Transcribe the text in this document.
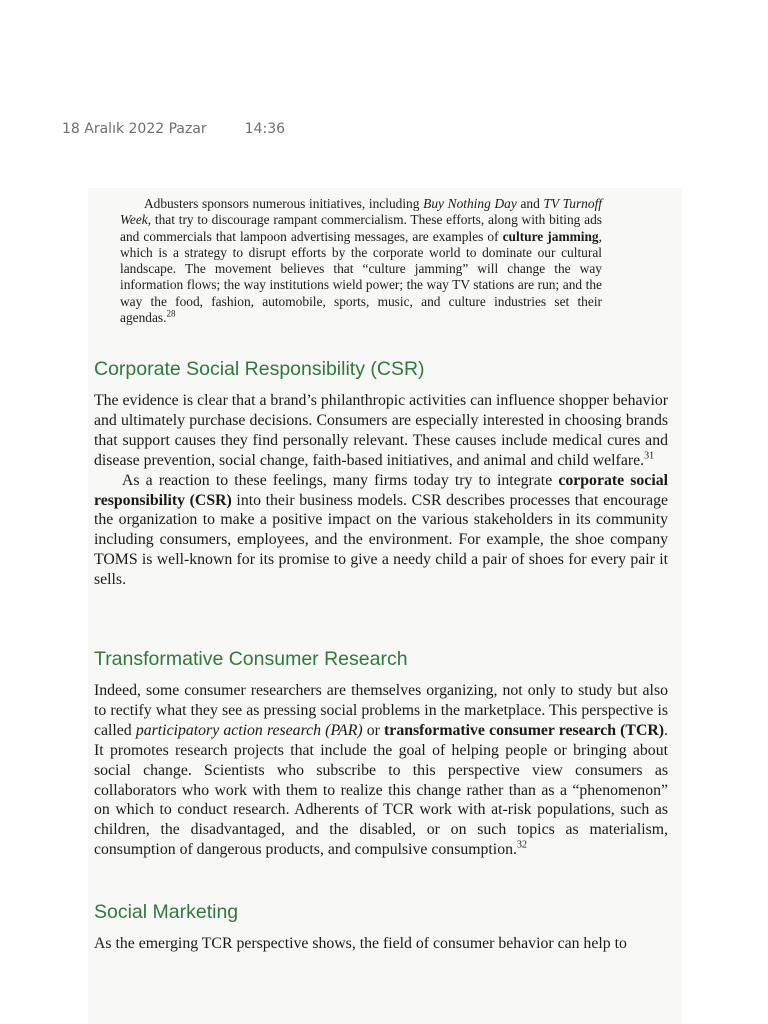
18 Aralık 2022 Pazar	14:36
Adbusters sponsors numerous initiatives, including Buy Nothing Day and TV Turnoff Week, that try to discourage rampant commercialism. These efforts, along with biting ads and commercials that lampoon advertising messages, are examples of culture jamming, which is a strategy to disrupt efforts by the corporate world to dominate our cultural landscape. The movement believes that “culture jamming” will change the way information flows; the way institutions wield power; the way TV stations are run; and the way the food, fashion, automobile, sports, music, and culture industries set their agendas.$^{28}$
Corporate Social Responsibility (CSR)

The evidence is clear that a brand’s philanthropic activities can influence shopper behavior and ultimately purchase decisions. Consumers are especially interested in choosing brands that support causes they find personally relevant. These causes include medical cures and disease prevention, social change, faith-based initiatives, and animal and child welfare.$^{31}$

As a reaction to these feelings, many firms today try to integrate corporate social responsibility (CSR) into their business models. CSR describes processes that encourage the organization to make a positive impact on the various stakeholders in its community including consumers, employees, and the environment. For example, the shoe company TOMS is well-known for its promise to give a needy child a pair of shoes for every pair it sells.

Transformative Consumer Research

Indeed, some consumer researchers are themselves organizing, not only to study but also to rectify what they see as pressing social problems in the marketplace. This perspective is called participatory action research (PAR) or transformative consumer research (TCR). It promotes research projects that include the goal of helping people or bringing about social change. Scientists who subscribe to this perspective view consumers as collaborators who work with them to realize this change rather than as a “phenomenon” on which to conduct research. Adherents of TCR work with at-risk populations, such as children, the disadvantaged, and the disabled, or on such topics as materialism, consumption of dangerous products, and compulsive consumption.$^{32}$

Social Marketing

As the emerging TCR perspective shows, the field of consumer behavior can help to
